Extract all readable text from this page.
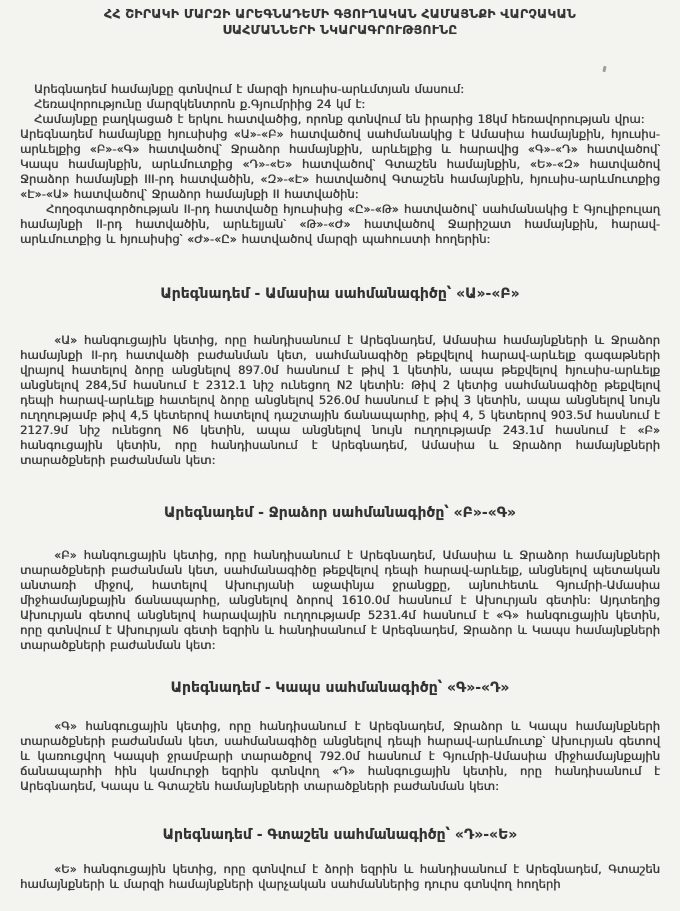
ՀՀ ՇԻՐԱԿԻ ՄԱՐԶԻ ԱՐԵԳՆԱԴԵՄԻ ԳՅՈՒՂԱԿԱՆ ՀԱՄԱՅՆՔԻ ՎԱՐՉԱԿԱՆ
ՍԱՀՄԱՆՆԵՐԻ ՆԿԱՐԱԳՐՈՒԹՅՈՒՆԸ

Արեգնադեմ համայնքը գտնվում է մարզի հյուսիս-արևմտյան մասում:

Հեռավորությունը մարզկենտրոն ք.Գյումրիից 24 կմ է:

Համայնքը բաղկացած է երկու հատվածից, որոնք գտնվում են իրարից 18կմ հեռավորության վրա:

Արեգնադեմ համայնքը հյուսիսից «Ա»-«Բ» հատվածով սահմանակից է Ամասիա համայնքին, հյուսիս-արևելքից «Բ»-«Գ» հատվածով՝ Ջրաձոր համայնքին, արևելքից և հարավից «Գ»-«Դ» հատվածով՝ Կապս համայնքին, արևմուտքից «Դ»-«Ե» հատվածով՝ Գտաշեն համայնքին, «Ե»-«Զ» հատվածով Ջրաձոր համայնքի III-րդ հատվածին, «Զ»-«Է» հատվածով Գտաշեն համայնքին, հյուսիս-արևմուտքից «Է»-«Ա» հատվածով՝ Ջրաձոր համայնքի II հատվածին:

Հողօգտագործության II-րդ հատվածը հյուսիսից «Ը»-«Թ» հատվածով՝ սահմանակից է Գյուլիբուլաղ համայնքի II-րդ հատվածին, արևելյան՝ «Թ»-«Ժ» հատվածով Ջարիշատ համայնքին, հարավ-արևմուտքից և հյուսիսից՝ «Ժ»-«Ը» հատվածով մարզի պահուստի հողերին:

Արեգնադեմ - Ամասիա սահմանագիծը՝ «Ա»-«Բ»

«Ա» հանգուցային կետից, որը հանդիսանում է Արեգնադեմ, Ամասիա համայնքների և Ջրաձոր համայնքի II-րդ հատվածի բաժանման կետ, սահմանագիծը թեքվելով հարավ-արևելք գագաթների վրայով հատելով ձորը անցնելով 897.0մ հասնում է թիվ 1 կետին, ապա թեքվելով հյուսիս-արևելք անցնելով 284,5մ հասնում է 2312.1 նիշ ունեցող N2 կետին: Թիվ 2 կետից սահմանագիծը թեքվելով դեպի հարավ-արևելք հատելով ձորը անցնելով 526.0մ հասնում է թիվ 3 կետին, ապա անցնելով նույն ուղղությամբ թիվ 4,5 կետերով հատելով դաշտային ճանապարհը, թիվ 4, 5 կետերով 903.5մ հասնում է 2127.9մ նիշ ունեցող N6 կետին, ապա անցնելով նույն ուղղությամբ 243.1մ հասնում է «Բ» հանգուցային կետին, որը հանդիսանում է Արեգնադեմ, Ամասիա և Ջրաձոր համայնքների տարածքների բաժանման կետ:

Արեգնադեմ - Ջրաձոր սահմանագիծը՝ «Բ»-«Գ»

«Բ» հանգուցային կետից, որը հանդիսանում է Արեգնադեմ, Ամասիա և Ջրաձոր համայնքների տարածքների բաժանման կետ, սահմանագիծը թեքվելով դեպի հարավ-արևելք, անցնելով պետական անտառի միջով, հատելով Ախուրյանի աջափնյա ջրանցքը, այնուհետև Գյումրի-Ամասիա միջհամայնքային ճանապարհը, անցնելով ձորով 1610.0մ հասնում է Ախուրյան գետին: Այդտեղից Ախուրյան գետով անցնելով հարավային ուղղությամբ 5231.4մ հասնում է «Գ» հանգուցային կետին, որը գտնվում է Ախուրյան գետի եզրին և հանդիսանում է Արեգնադեմ, Ջրաձոր և Կապս համայնքների տարածքների բաժանման կետ:

Արեգնադեմ - Կապս սահմանագիծը՝ «Գ»-«Դ»

«Գ» հանգուցային կետից, որը հանդիսանում է Արեգնադեմ, Ջրաձոր և Կապս համայնքների տարածքների բաժանման կետ, սահմանագիծը անցնելով դեպի հարավ-արևմուտք՝ Ախուրյան գետով և կառուցվող Կապսի ջրամբարի տարածքով 792.0մ հասնում է Գյումրի-Ամասիա միջհամայնքային ճանապարհի հին կամուրջի եզրին գտնվող «Դ» հանգուցային կետին, որը հանդիսանում է Արեգնադեմ, Կապս և Գտաշեն համայնքների տարածքների բաժանման կետ:

Արեգնադեմ - Գտաշեն սահմանագիծը՝ «Դ»-«Ե»

«Ե» հանգուցային կետից, որը գտնվում է ձորի եզրին և հանդիսանում է Արեգնադեմ, Գտաշեն համայնքների և մարզի համայնքների վարչական սահմաններից դուրս գտնվող հողերի
